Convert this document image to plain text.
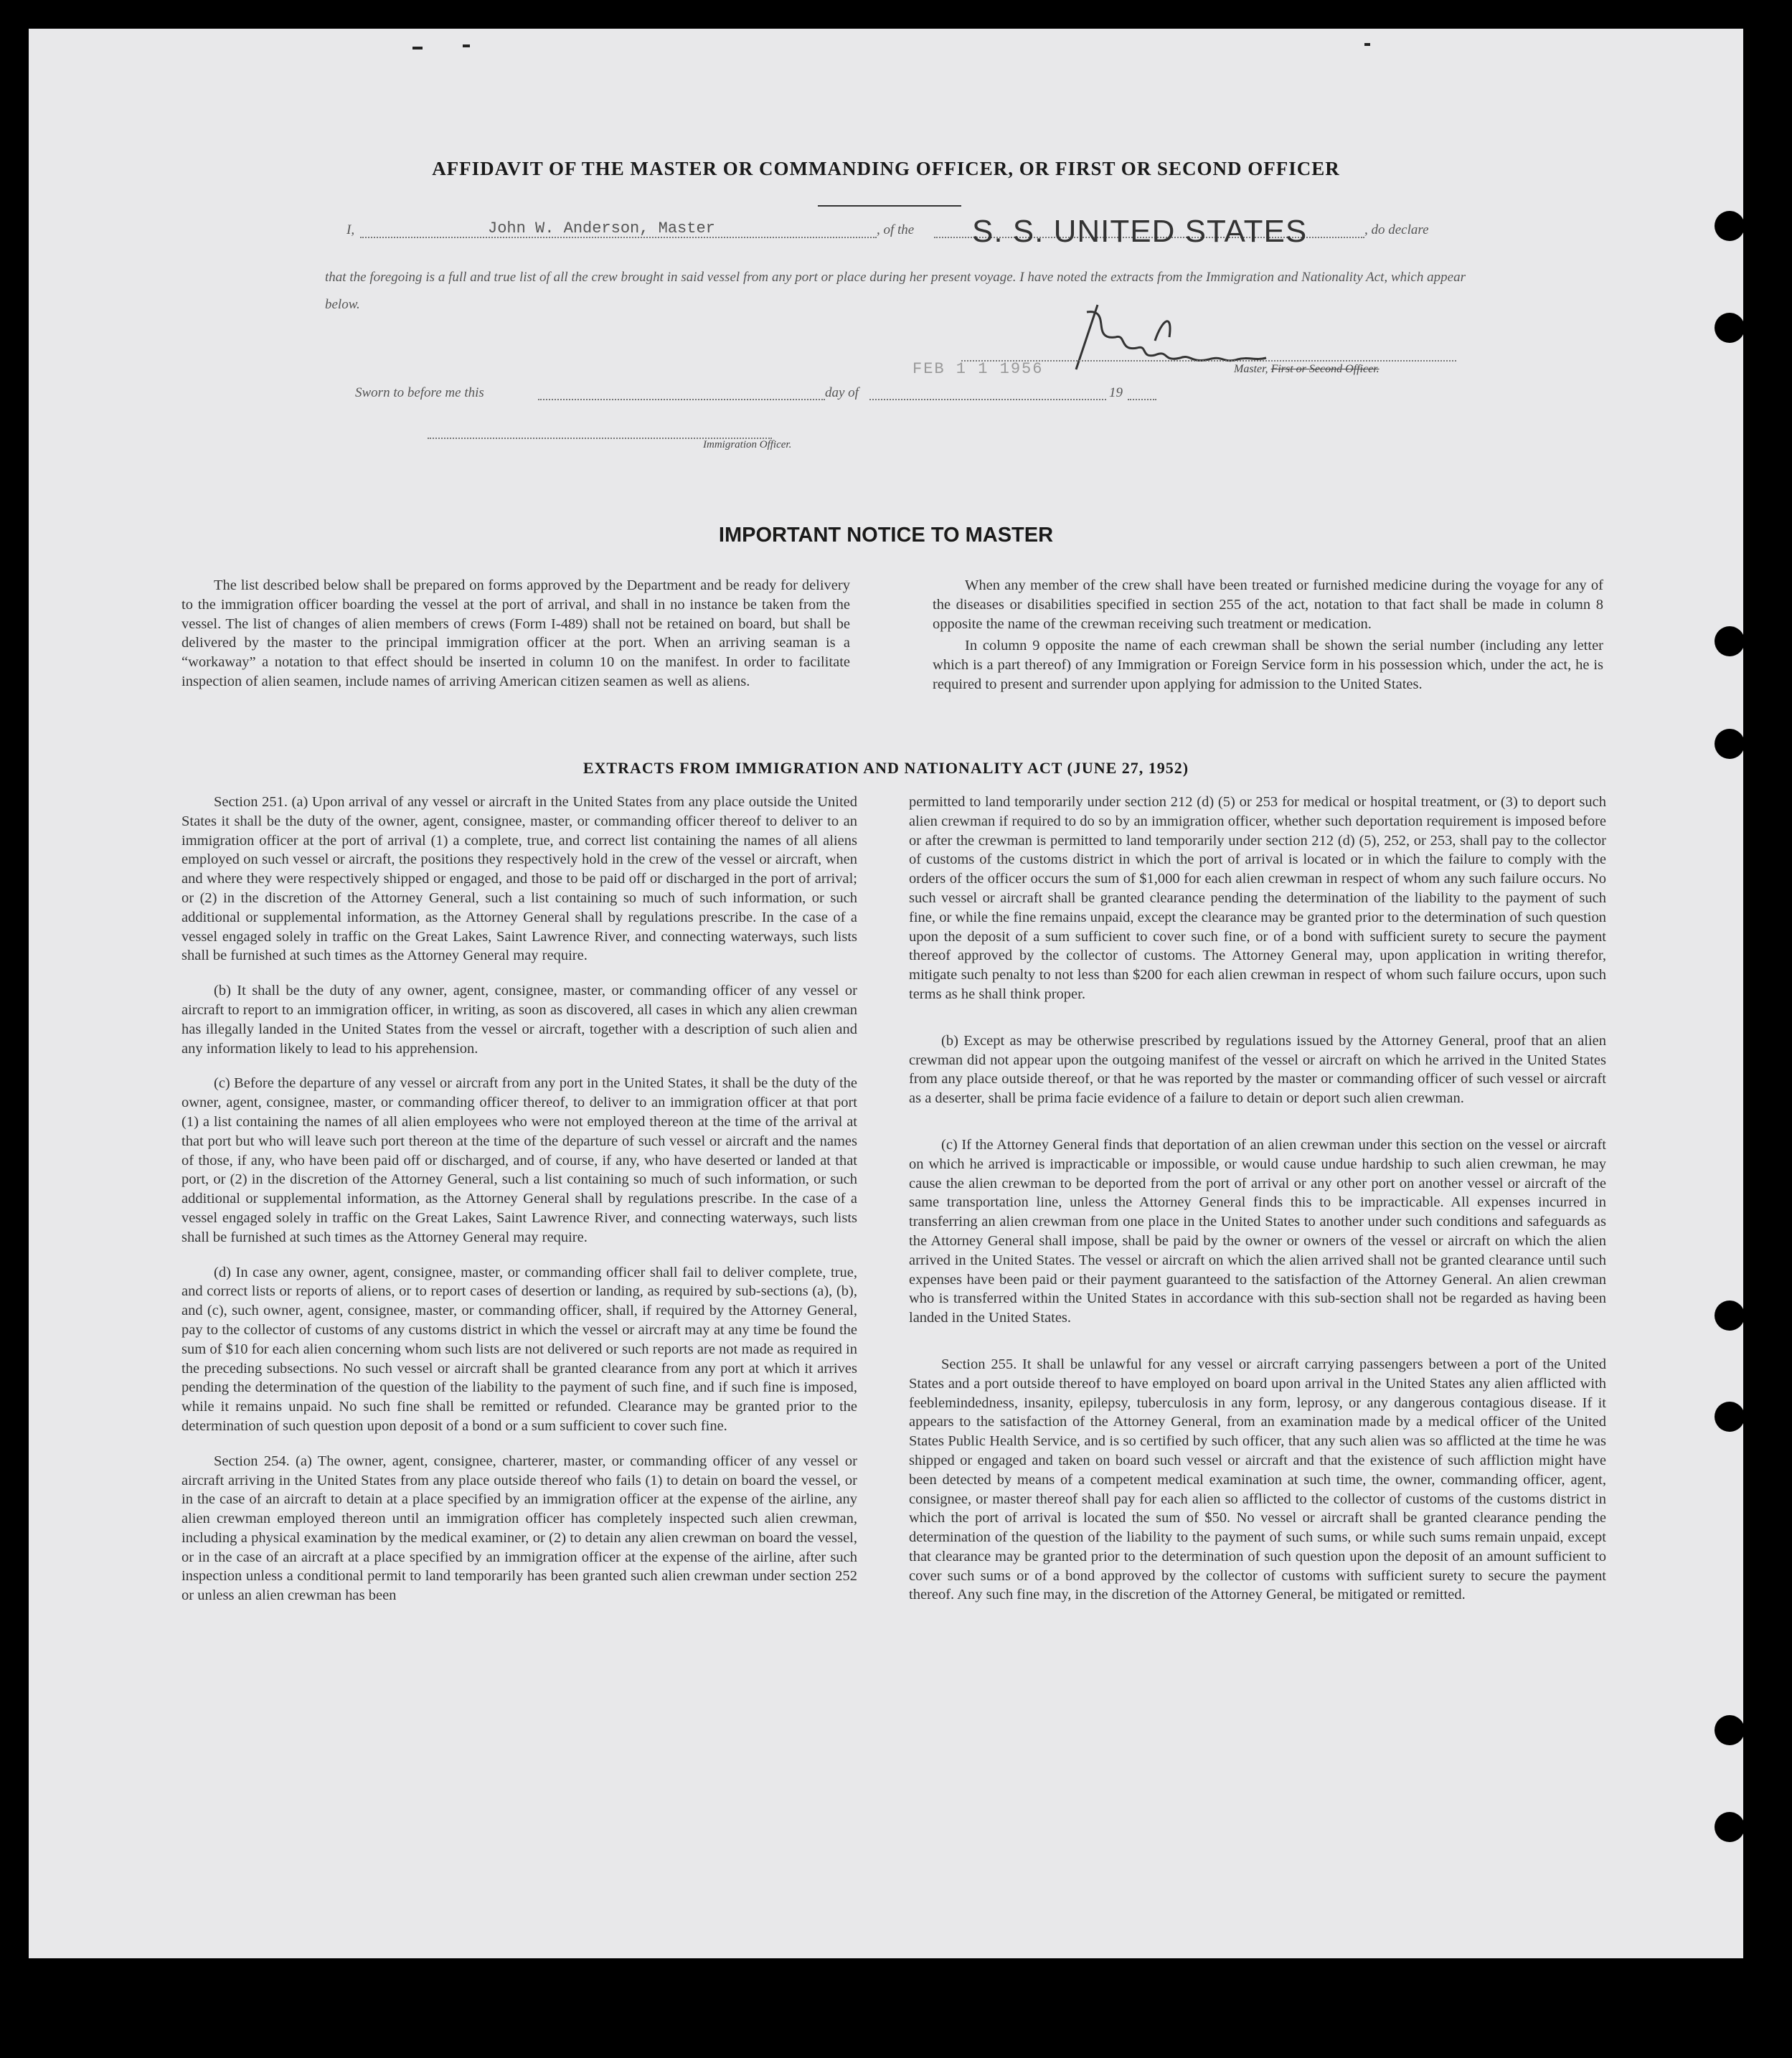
AFFIDAVIT OF THE MASTER OR COMMANDING OFFICER, OR FIRST OR SECOND OFFICER
I,	John W. Anderson, Master	, of the S. S. UNITED STATES	, do declare
that the foregoing is a full and true list of all the crew brought in said vessel from any port or place during her present voyage. I have noted the extracts from the Immigration and Nationality Act, which appear below.
FEB 1 1 1956	Master, First or Second Officer.
Sworn to before me this	day of	19
Immigration Officer.
IMPORTANT NOTICE TO MASTER

The list described below shall be prepared on forms approved by the Department and be ready for delivery to the immigration officer boarding the vessel at the port of arrival, and shall in no instance be taken from the vessel. The list of changes of alien members of crews (Form I-489) shall not be retained on board, but shall be delivered by the master to the principal immigration officer at the port. When an arriving seaman is a “workaway” a notation to that effect should be inserted in column 10 on the manifest. In order to facilitate inspection of alien seamen, include names of arriving American citizen seamen as well as aliens.

When any member of the crew shall have been treated or furnished medicine during the voyage for any of the diseases or disabilities specified in section 255 of the act, notation to that fact shall be made in column 8 opposite the name of the crewman receiving such treatment or medication.

In column 9 opposite the name of each crewman shall be shown the serial number (including any letter which is a part thereof) of any Immigration or Foreign Service form in his possession which, under the act, he is required to present and surrender upon applying for admission to the United States.

EXTRACTS FROM IMMIGRATION AND NATIONALITY ACT (JUNE 27, 1952)

Section 251. (a) Upon arrival of any vessel or aircraft in the United States from any place outside the United States it shall be the duty of the owner, agent, consignee, master, or commanding officer thereof to deliver to an immigration officer at the port of arrival (1) a complete, true, and correct list containing the names of all aliens employed on such vessel or aircraft, the positions they respectively hold in the crew of the vessel or aircraft, when and where they were respectively shipped or engaged, and those to be paid off or discharged in the port of arrival; or (2) in the discretion of the Attorney General, such a list containing so much of such information, or such additional or supplemental information, as the Attorney General shall by regulations prescribe. In the case of a vessel engaged solely in traffic on the Great Lakes, Saint Lawrence River, and connecting waterways, such lists shall be furnished at such times as the Attorney General may require.

(b) It shall be the duty of any owner, agent, consignee, master, or commanding officer of any vessel or aircraft to report to an immigration officer, in writing, as soon as discovered, all cases in which any alien crewman has illegally landed in the United States from the vessel or aircraft, together with a description of such alien and any information likely to lead to his apprehension.

(c) Before the departure of any vessel or aircraft from any port in the United States, it shall be the duty of the owner, agent, consignee, master, or commanding officer thereof, to deliver to an immigration officer at that port (1) a list containing the names of all alien employees who were not employed thereon at the time of the arrival at that port but who will leave such port thereon at the time of the departure of such vessel or aircraft and the names of those, if any, who have been paid off or discharged, and of course, if any, who have deserted or landed at that port, or (2) in the discretion of the Attorney General, such a list containing so much of such information, or such additional or supplemental information, as the Attorney General shall by regulations prescribe. In the case of a vessel engaged solely in traffic on the Great Lakes, Saint Lawrence River, and connecting waterways, such lists shall be furnished at such times as the Attorney General may require.

(d) In case any owner, agent, consignee, master, or commanding officer shall fail to deliver complete, true, and correct lists or reports of aliens, or to report cases of desertion or landing, as required by sub-sections (a), (b), and (c), such owner, agent, consignee, master, or commanding officer, shall, if required by the Attorney General, pay to the collector of customs of any customs district in which the vessel or aircraft may at any time be found the sum of $10 for each alien concerning whom such lists are not delivered or such reports are not made as required in the preceding subsections. No such vessel or aircraft shall be granted clearance from any port at which it arrives pending the determination of the question of the liability to the payment of such fine, and if such fine is imposed, while it remains unpaid. No such fine shall be remitted or refunded. Clearance may be granted prior to the determination of such question upon deposit of a bond or a sum sufficient to cover such fine.

Section 254. (a) The owner, agent, consignee, charterer, master, or commanding officer of any vessel or aircraft arriving in the United States from any place outside thereof who fails (1) to detain on board the vessel, or in the case of an aircraft to detain at a place specified by an immigration officer at the expense of the airline, any alien crewman employed thereon until an immigration officer has completely inspected such alien crewman, including a physical examination by the medical examiner, or (2) to detain any alien crewman on board the vessel, or in the case of an aircraft at a place specified by an immigration officer at the expense of the airline, after such inspection unless a conditional permit to land temporarily has been granted such alien crewman under section 252 or unless an alien crewman has been

permitted to land temporarily under section 212 (d) (5) or 253 for medical or hospital treatment, or (3) to deport such alien crewman if required to do so by an immigration officer, whether such deportation requirement is imposed before or after the crewman is permitted to land temporarily under section 212 (d) (5), 252, or 253, shall pay to the collector of customs of the customs district in which the port of arrival is located or in which the failure to comply with the orders of the officer occurs the sum of $1,000 for each alien crewman in respect of whom any such failure occurs. No such vessel or aircraft shall be granted clearance pending the determination of the liability to the payment of such fine, or while the fine remains unpaid, except the clearance may be granted prior to the determination of such question upon the deposit of a sum sufficient to cover such fine, or of a bond with sufficient surety to secure the payment thereof approved by the collector of customs. The Attorney General may, upon application in writing therefor, mitigate such penalty to not less than $200 for each alien crewman in respect of whom such failure occurs, upon such terms as he shall think proper.

(b) Except as may be otherwise prescribed by regulations issued by the Attorney General, proof that an alien crewman did not appear upon the outgoing manifest of the vessel or aircraft on which he arrived in the United States from any place outside thereof, or that he was reported by the master or commanding officer of such vessel or aircraft as a deserter, shall be prima facie evidence of a failure to detain or deport such alien crewman.

(c) If the Attorney General finds that deportation of an alien crewman under this section on the vessel or aircraft on which he arrived is impracticable or impossible, or would cause undue hardship to such alien crewman, he may cause the alien crewman to be deported from the port of arrival or any other port on another vessel or aircraft of the same transportation line, unless the Attorney General finds this to be impracticable. All expenses incurred in transferring an alien crewman from one place in the United States to another under such conditions and safeguards as the Attorney General shall impose, shall be paid by the owner or owners of the vessel or aircraft on which the alien arrived in the United States. The vessel or aircraft on which the alien arrived shall not be granted clearance until such expenses have been paid or their payment guaranteed to the satisfaction of the Attorney General. An alien crewman who is transferred within the United States in accordance with this sub-section shall not be regarded as having been landed in the United States.

Section 255. It shall be unlawful for any vessel or aircraft carrying passengers between a port of the United States and a port outside thereof to have employed on board upon arrival in the United States any alien afflicted with feeblemindedness, insanity, epilepsy, tuberculosis in any form, leprosy, or any dangerous contagious disease. If it appears to the satisfaction of the Attorney General, from an examination made by a medical officer of the United States Public Health Service, and is so certified by such officer, that any such alien was so afflicted at the time he was shipped or engaged and taken on board such vessel or aircraft and that the existence of such affliction might have been detected by means of a competent medical examination at such time, the owner, commanding officer, agent, consignee, or master thereof shall pay for each alien so afflicted to the collector of customs of the customs district in which the port of arrival is located the sum of $50. No vessel or aircraft shall be granted clearance pending the determination of the question of the liability to the payment of such sums, or while such sums remain unpaid, except that clearance may be granted prior to the determination of such question upon the deposit of an amount sufficient to cover such sums or of a bond approved by the collector of customs with sufficient surety to secure the payment thereof. Any such fine may, in the discretion of the Attorney General, be mitigated or remitted.
